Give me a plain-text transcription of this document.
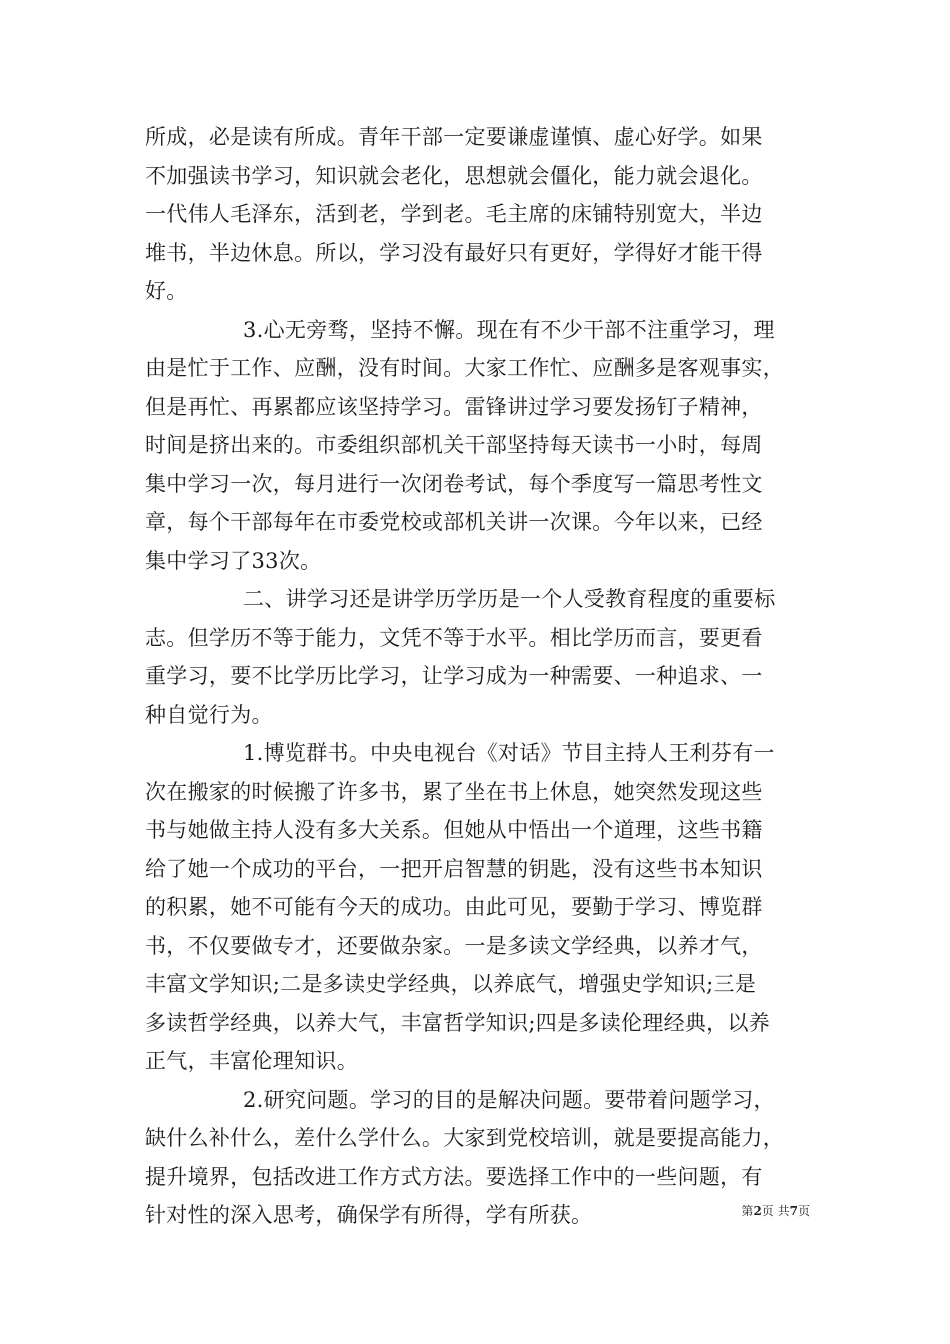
所成，必是读有所成。青年干部一定要谦虚谨慎、虚心好学。如果
不加强读书学习，知识就会老化，思想就会僵化，能力就会退化。
一代伟人毛泽东，活到老，学到老。毛主席的床铺特别宽大，半边
堆书，半边休息。所以，学习没有最好只有更好，学得好才能干得
好。
3.心无旁骛，坚持不懈。现在有不少干部不注重学习，理
由是忙于工作、应酬，没有时间。大家工作忙、应酬多是客观事实，
但是再忙、再累都应该坚持学习。雷锋讲过学习要发扬钉子精神，
时间是挤出来的。市委组织部机关干部坚持每天读书一小时，每周
集中学习一次，每月进行一次闭卷考试，每个季度写一篇思考性文
章，每个干部每年在市委党校或部机关讲一次课。今年以来，已经
集中学习了33次。
二、讲学习还是讲学历学历是一个人受教育程度的重要标
志。但学历不等于能力，文凭不等于水平。相比学历而言，要更看
重学习，要不比学历比学习，让学习成为一种需要、一种追求、一
种自觉行为。
1.博览群书。中央电视台《对话》节目主持人王利芬有一
次在搬家的时候搬了许多书，累了坐在书上休息，她突然发现这些
书与她做主持人没有多大关系。但她从中悟出一个道理，这些书籍
给了她一个成功的平台，一把开启智慧的钥匙，没有这些书本知识
的积累，她不可能有今天的成功。由此可见，要勤于学习、博览群
书，不仅要做专才，还要做杂家。一是多读文学经典，以养才气，
丰富文学知识;二是多读史学经典，以养底气，增强史学知识;三是
多读哲学经典，以养大气，丰富哲学知识;四是多读伦理经典，以养
正气，丰富伦理知识。
2.研究问题。学习的目的是解决问题。要带着问题学习，
缺什么补什么，差什么学什么。大家到党校培训，就是要提高能力，
提升境界，包括改进工作方式方法。要选择工作中的一些问题，有
针对性的深入思考，确保学有所得，学有所获。	第2页 共7页
